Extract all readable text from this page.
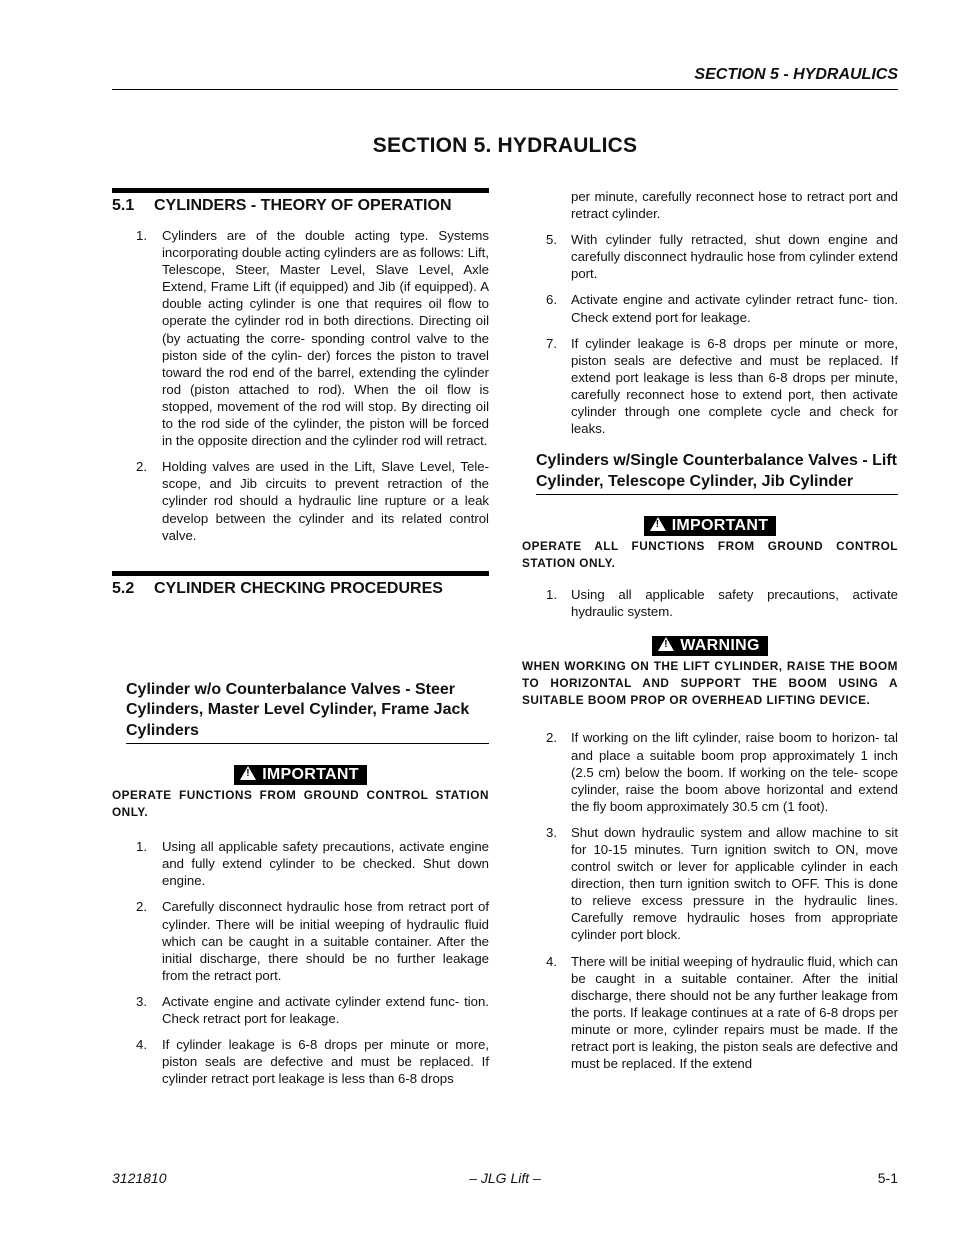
SECTION 5 - HYDRAULICS
SECTION 5. HYDRAULICS
5.1 CYLINDERS - THEORY OF OPERATION
1. Cylinders are of the double acting type. Systems incorporating double acting cylinders are as follows: Lift, Telescope, Steer, Master Level, Slave Level, Axle Extend, Frame Lift (if equipped) and Jib (if equipped). A double acting cylinder is one that requires oil flow to operate the cylinder rod in both directions. Directing oil (by actuating the corre- sponding control valve to the piston side of the cylin- der) forces the piston to travel toward the rod end of the barrel, extending the cylinder rod (piston attached to rod). When the oil flow is stopped, movement of the rod will stop. By directing oil to the rod side of the cylinder, the piston will be forced in the opposite direction and the cylinder rod will retract.
2. Holding valves are used in the Lift, Slave Level, Tele- scope, and Jib circuits to prevent retraction of the cylinder rod should a hydraulic line rupture or a leak develop between the cylinder and its related control valve.
5.2 CYLINDER CHECKING PROCEDURES
Cylinder w/o Counterbalance Valves - Steer Cylinders, Master Level Cylinder, Frame Jack Cylinders
!IMPORTANT

OPERATE FUNCTIONS FROM GROUND CONTROL STATION ONLY.

1. Using all applicable safety precautions, activate engine and fully extend cylinder to be checked. Shut down engine.
2. Carefully disconnect hydraulic hose from retract port of cylinder. There will be initial weeping of hydraulic fluid which can be caught in a suitable container. After the initial discharge, there should be no further leakage from the retract port.
3. Activate engine and activate cylinder extend func- tion. Check retract port for leakage.
4. If cylinder leakage is 6-8 drops per minute or more, piston seals are defective and must be replaced. If cylinder retract port leakage is less than 6-8 drops
per minute, carefully reconnect hose to retract port and retract cylinder.
5. With cylinder fully retracted, shut down engine and carefully disconnect hydraulic hose from cylinder extend port.
6. Activate engine and activate cylinder retract func- tion. Check extend port for leakage.
7. If cylinder leakage is 6-8 drops per minute or more, piston seals are defective and must be replaced. If extend port leakage is less than 6-8 drops per minute, carefully reconnect hose to extend port, then activate cylinder through one complete cycle and check for leaks.
Cylinders w/Single Counterbalance Valves - Lift Cylinder, Telescope Cylinder, Jib Cylinder
!IMPORTANT

OPERATE ALL FUNCTIONS FROM GROUND CONTROL STATION ONLY.

1. Using all applicable safety precautions, activate hydraulic system.
!WARNING

WHEN WORKING ON THE LIFT CYLINDER, RAISE THE BOOM TO HORIZONTAL AND SUPPORT THE BOOM USING A SUITABLE BOOM PROP OR OVERHEAD LIFTING DEVICE.

2. If working on the lift cylinder, raise boom to horizon- tal and place a suitable boom prop approximately 1 inch (2.5 cm) below the boom. If working on the tele- scope cylinder, raise the boom above horizontal and extend the fly boom approximately 30.5 cm (1 foot).
3. Shut down hydraulic system and allow machine to sit for 10-15 minutes. Turn ignition switch to ON, move control switch or lever for applicable cylinder in each direction, then turn ignition switch to OFF. This is done to relieve excess pressure in the hydraulic lines. Carefully remove hydraulic hoses from appropriate cylinder port block.
4. There will be initial weeping of hydraulic fluid, which can be caught in a suitable container. After the initial discharge, there should not be any further leakage from the ports. If leakage continues at a rate of 6-8 drops per minute or more, cylinder repairs must be made. If the retract port is leaking, the piston seals are defective and must be replaced. If the extend
3121810	– JLG Lift –	5-1
